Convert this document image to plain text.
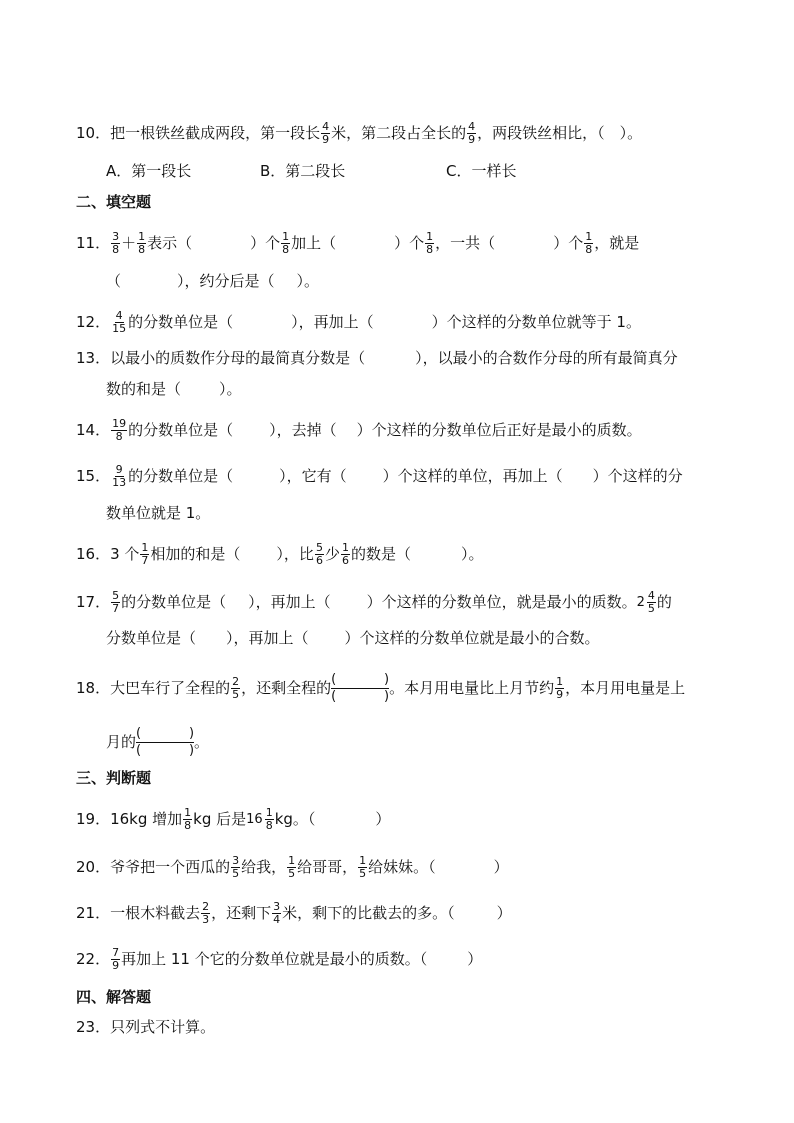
10．把一根铁丝截成两段，第一段长 $\frac{4}{9}$ 米，第二段占全长的 $\frac{4}{9}$ ，两段铁丝相比，（　）。
A．第一段长	B．第二段长	C．一样长
二、填空题
11． $\frac{3}{8} + \frac{1}{8}$ 表示（	）个 $\frac{1}{8}$ 加上（	）个 $\frac{1}{8}$ ，一共（	）个 $\frac{1}{8}$ ，就是
（	），约分后是（ ）。
12． $\frac{4}{15}$ 的分数单位是（	），再加上（	）个这样的分数单位就等于 1。
13．以最小的质数作分母的最简真分数是（	），以最小的合数作分母的所有最简真分
数的和是（	）。
14． $\frac{19}{8}$ 的分数单位是（ ），去掉（ ）个这样的分数单位后正好是最小的质数。
15． $\frac{9}{13}$ 的分数单位是（	），它有（ ）个这样的单位，再加上（ ）个这样的分
数单位就是 1。
16．3 个 $\frac{1}{7}$ 相加的和是（ ），比 $\frac{5}{6}$ 少 $\frac{1}{6}$ 的数是（	）。
17． $\frac{5}{7}$ 的分数单位是（ ），再加上（ ）个这样的分数单位，就是最小的质数。 2 4
5 的
分数单位是（ ），再加上（ ）个这样的分数单位就是最小的合数。
18．大巴车行了全程的 $\frac{2}{5}$ ，还剩全程的 (	)
(	) 。本月用电量比上月节约 $\frac{1}{9}$ ，本月用电量是上
月的 (	)
(	) 。
三、判断题
19．16kg 增加 $\frac{1}{8}$ kg 后是 16 1
8 kg。（	）
20．爷爷把一个西瓜的 $\frac{3}{5}$ 给我， $\frac{1}{5}$ 给哥哥， $\frac{1}{5}$ 给妹妹。（	）
21．一根木料截去 $\frac{2}{3}$ ，还剩下 $\frac{3}{4}$ 米，剩下的比截去的多。（	）
22． $\frac{7}{9}$ 再加上 11 个它的分数单位就是最小的质数。（	）
四、解答题
23．只列式不计算。
